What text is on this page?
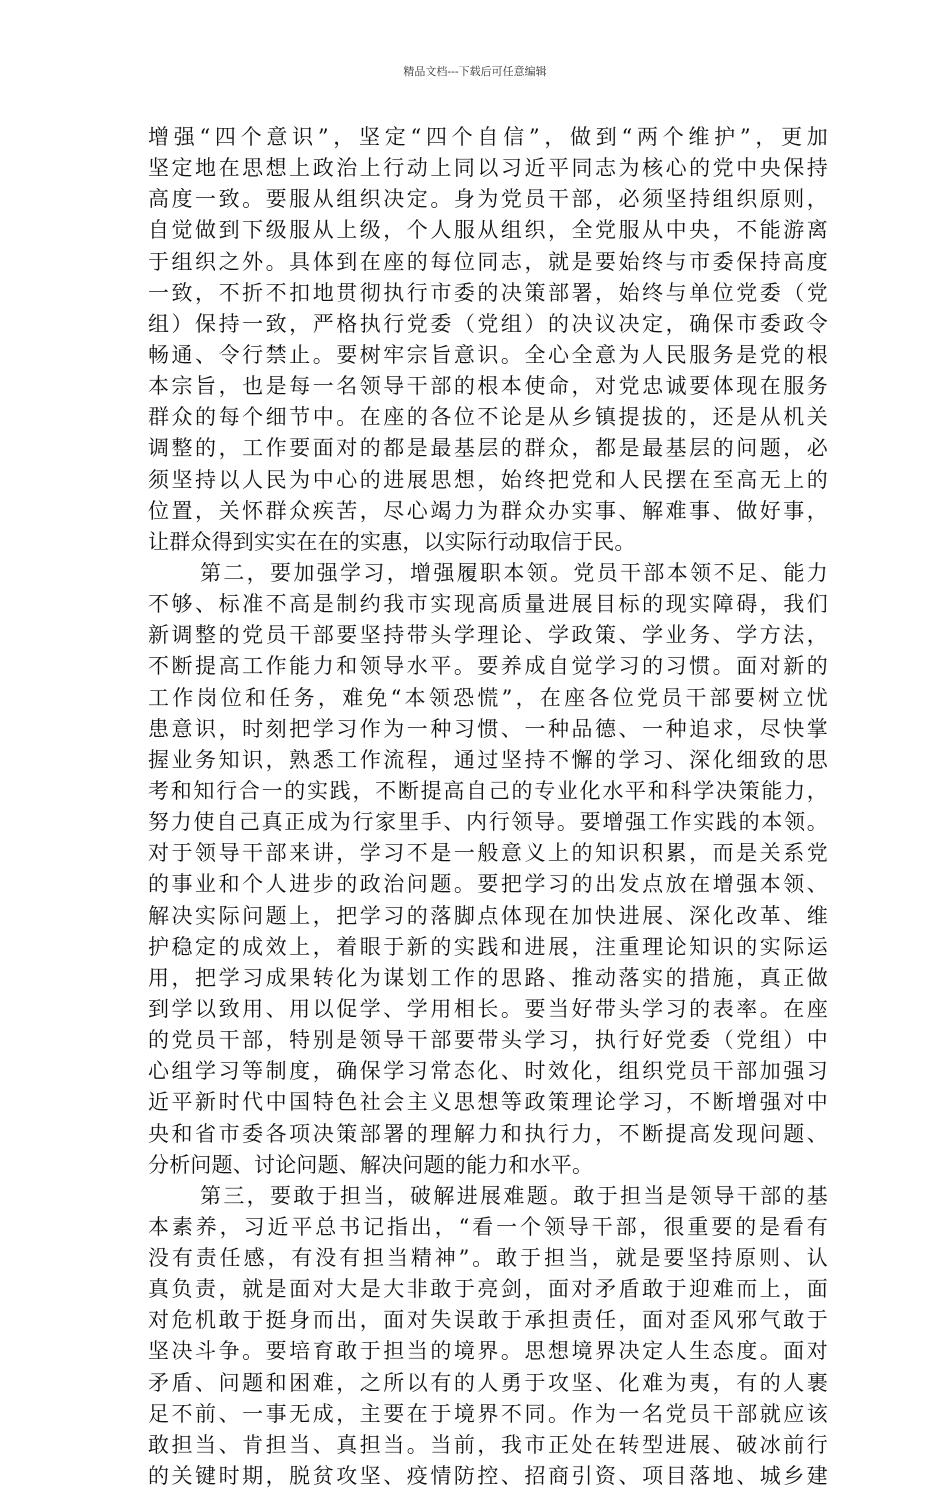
精品文档---下载后可任意编辑
增强“四个意识”，坚定“四个自信”，做到“两个维护”，更加
坚定地在思想上政治上行动上同以习近平同志为核心的党中央保持
高度一致。要服从组织决定。身为党员干部，必须坚持组织原则，
自觉做到下级服从上级，个人服从组织，全党服从中央，不能游离
于组织之外。具体到在座的每位同志，就是要始终与市委保持高度
一致，不折不扣地贯彻执行市委的决策部署，始终与单位党委（党
组）保持一致，严格执行党委（党组）的决议决定，确保市委政令
畅通、令行禁止。要树牢宗旨意识。全心全意为人民服务是党的根
本宗旨，也是每一名领导干部的根本使命，对党忠诚要体现在服务
群众的每个细节中。在座的各位不论是从乡镇提拔的，还是从机关
调整的，工作要面对的都是最基层的群众，都是最基层的问题，必
须坚持以人民为中心的进展思想，始终把党和人民摆在至高无上的
位置，关怀群众疾苦，尽心竭力为群众办实事、解难事、做好事，
让群众得到实实在在的实惠，以实际行动取信于民。
第二，要加强学习，增强履职本领。党员干部本领不足、能力
不够、标准不高是制约我市实现高质量进展目标的现实障碍，我们
新调整的党员干部要坚持带头学理论、学政策、学业务、学方法，
不断提高工作能力和领导水平。要养成自觉学习的习惯。面对新的
工作岗位和任务，难免“本领恐慌”，在座各位党员干部要树立忧
患意识，时刻把学习作为一种习惯、一种品德、一种追求，尽快掌
握业务知识，熟悉工作流程，通过坚持不懈的学习、深化细致的思
考和知行合一的实践，不断提高自己的专业化水平和科学决策能力，
努力使自己真正成为行家里手、内行领导。要增强工作实践的本领。
对于领导干部来讲，学习不是一般意义上的知识积累，而是关系党
的事业和个人进步的政治问题。要把学习的出发点放在增强本领、
解决实际问题上，把学习的落脚点体现在加快进展、深化改革、维
护稳定的成效上，着眼于新的实践和进展，注重理论知识的实际运
用，把学习成果转化为谋划工作的思路、推动落实的措施，真正做
到学以致用、用以促学、学用相长。要当好带头学习的表率。在座
的党员干部，特别是领导干部要带头学习，执行好党委（党组）中
心组学习等制度，确保学习常态化、时效化，组织党员干部加强习
近平新时代中国特色社会主义思想等政策理论学习，不断增强对中
央和省市委各项决策部署的理解力和执行力，不断提高发现问题、
分析问题、讨论问题、解决问题的能力和水平。
第三，要敢于担当，破解进展难题。敢于担当是领导干部的基
本素养，习近平总书记指出，“看一个领导干部，很重要的是看有
没有责任感，有没有担当精神”。敢于担当，就是要坚持原则、认
真负责，就是面对大是大非敢于亮剑，面对矛盾敢于迎难而上，面
对危机敢于挺身而出，面对失误敢于承担责任，面对歪风邪气敢于
坚决斗争。要培育敢于担当的境界。思想境界决定人生态度。面对
矛盾、问题和困难，之所以有的人勇于攻坚、化难为夷，有的人裹
足不前、一事无成，主要在于境界不同。作为一名党员干部就应该
敢担当、肯担当、真担当。当前，我市正处在转型进展、破冰前行
的关键时期，脱贫攻坚、疫情防控、招商引资、项目落地、城乡建
